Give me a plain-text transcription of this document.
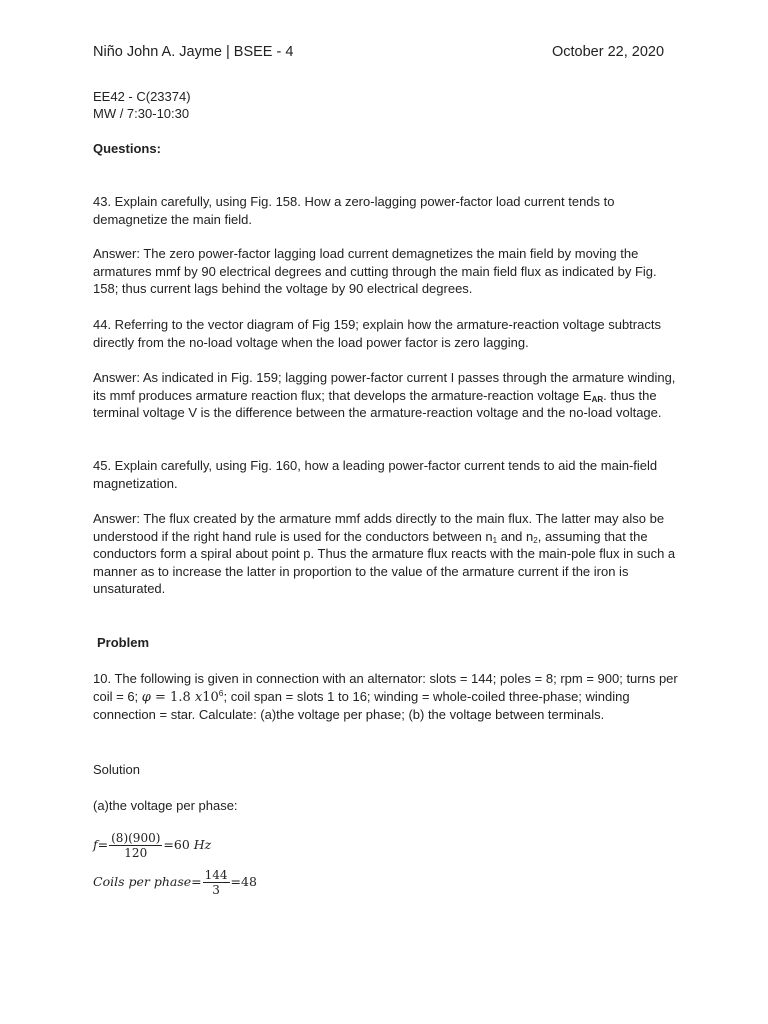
Niño John A. Jayme | BSEE - 4	October 22, 2020
EE42 - C(23374)
MW / 7:30-10:30
Questions:

43. Explain carefully, using Fig. 158. How a zero-lagging power-factor load current tends to demagnetize the main field.

Answer: The zero power-factor lagging load current demagnetizes the main field by moving the armatures mmf by 90 electrical degrees and cutting through the main field flux as indicated by Fig. 158; thus current lags behind the voltage by 90 electrical degrees.

44. Referring to the vector diagram of Fig 159; explain how the armature-reaction voltage subtracts directly from the no-load voltage when the load power factor is zero lagging.

Answer: As indicated in Fig. 159; lagging power-factor current I passes through the armature winding, its mmf produces armature reaction flux; that develops the armature-reaction voltage $E_{AR}$. thus the terminal voltage V is the difference between the armature-reaction voltage and the no-load voltage.

45. Explain carefully, using Fig. 160, how a leading power-factor current tends to aid the main-field magnetization.

Answer: The flux created by the armature mmf adds directly to the main flux. The latter may also be understood if the right hand rule is used for the conductors between $n_1$ and $n_2$, assuming that the conductors form a spiral about point p. Thus the armature flux reacts with the main-pole flux in such a manner as to increase the latter in proportion to the value of the armature current if the iron is unsaturated.

Problem

10. The following is given in connection with an alternator: slots = 144; poles = 8; rpm = 900; turns per coil = 6; φ = 1.8 $x10^6$; coil span = slots 1 to 16; winding = whole-coiled three-phase; winding connection = star. Calculate: (a)the voltage per phase; (b) the voltage between terminals.

Solution
(a)the voltage per phase:
$f= \frac{(8)(900)}{120} =60$ Hz
Coils per phase= $\frac{144}{3} =48$
